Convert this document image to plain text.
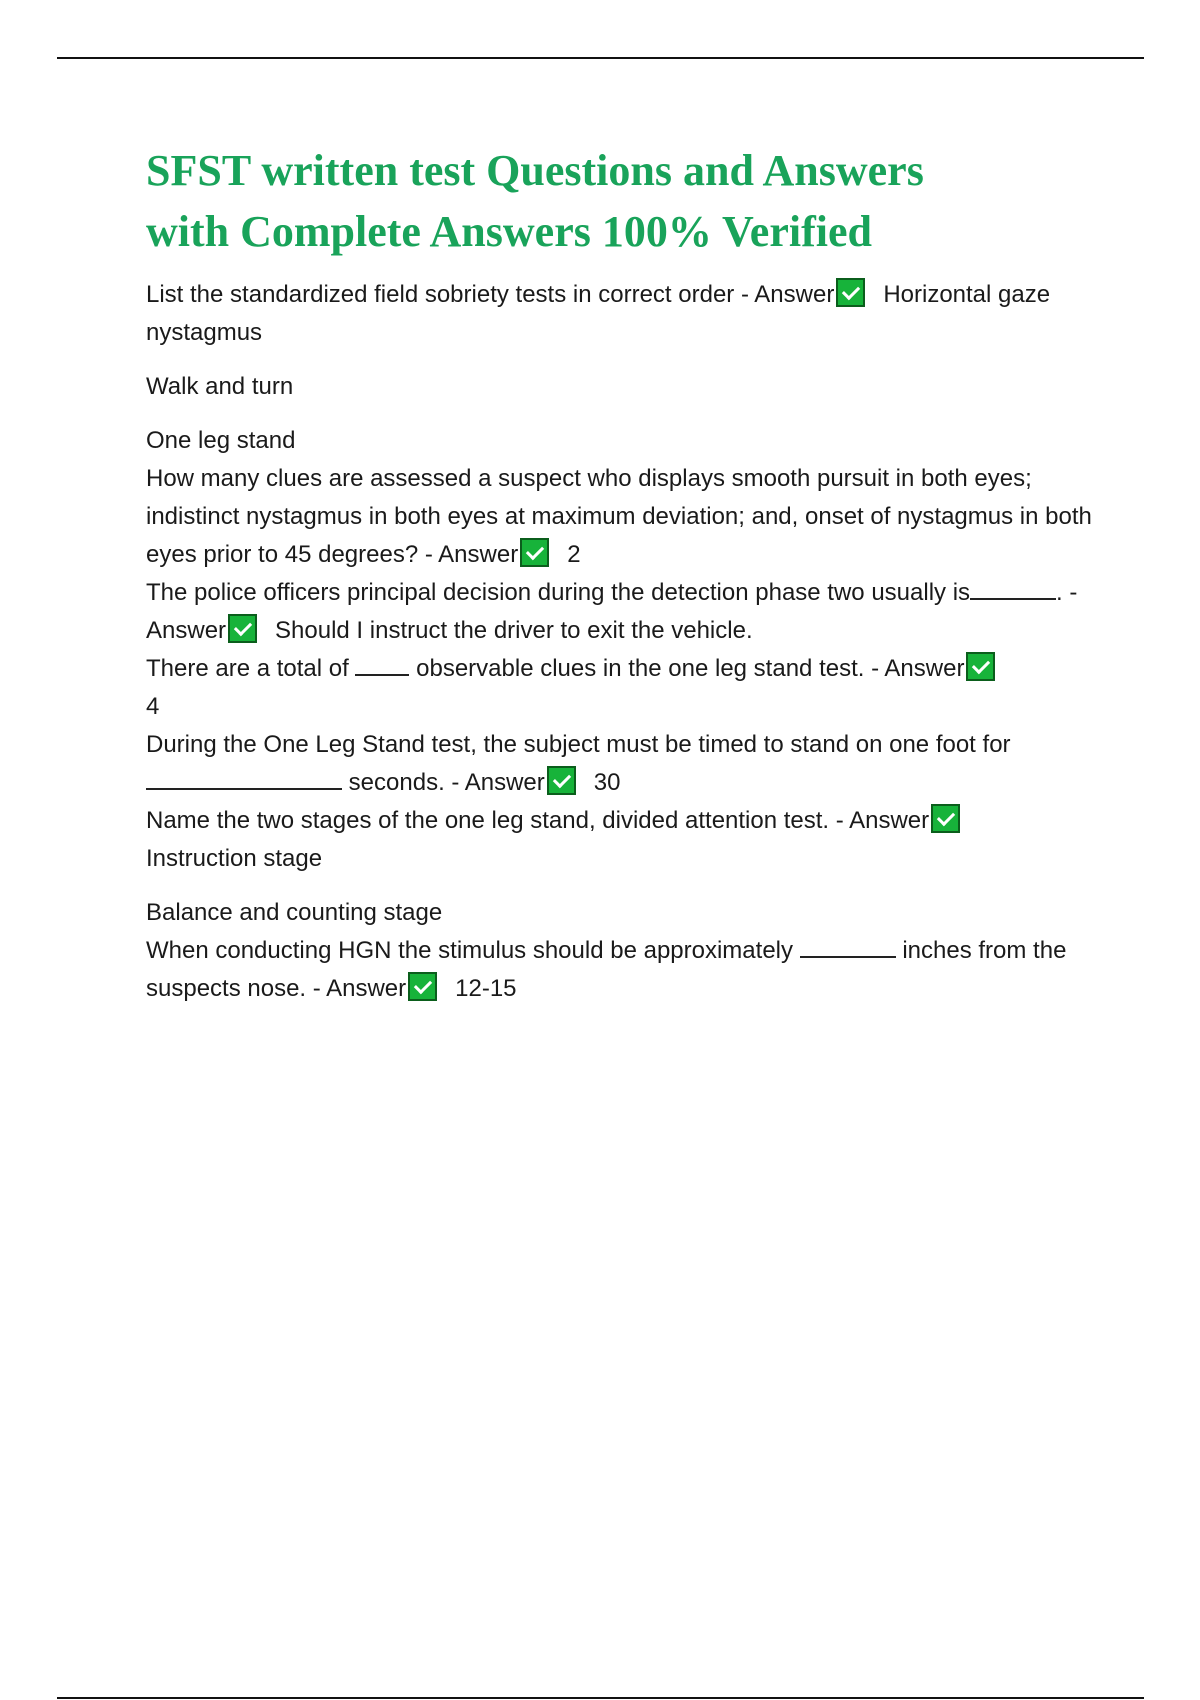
SFST written test Questions and Answers
with Complete Answers 100% Verified

List the standardized field sobriety tests in correct order - Answer Horizontal gaze nystagmus

Walk and turn

One leg stand

How many clues are assessed a suspect who displays smooth pursuit in both eyes; indistinct nystagmus in both eyes at maximum deviation; and, onset of nystagmus in both eyes prior to 45 degrees? - Answer 2

The police officers principal decision during the detection phase two usually is	. - Answer Should I instruct the driver to exit the vehicle.

There are a total of	observable clues in the one leg stand test. - Answer
4

During the One Leg Stand test, the subject must be timed to stand on one foot for  seconds. - Answer 30

Name the two stages of the one leg stand, divided attention test. - Answer
Instruction stage

Balance and counting stage

When conducting HGN the stimulus should be approximately	inches from the suspects nose. - Answer 12-15
